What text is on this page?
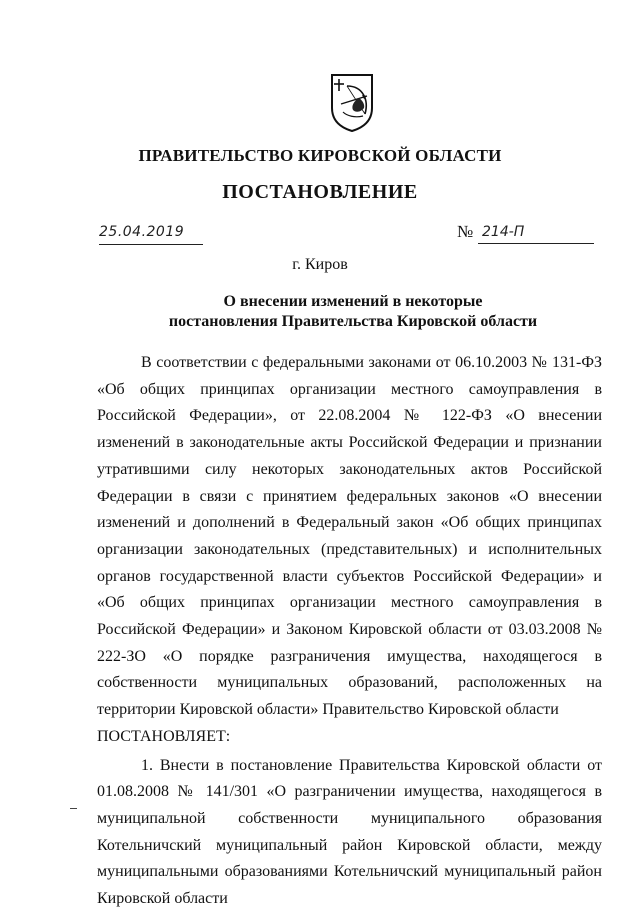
ПРАВИТЕЛЬСТВО КИРОВСКОЙ ОБЛАСТИ
ПОСТАНОВЛЕНИЕ
25.04.2019	№ 214-П
г. Киров
О внесении изменений в некоторые
постановления Правительства Кировской области

В соответствии с федеральными законами от 06.10.2003 № 131-ФЗ «Об общих принципах организации местного самоуправления в Российской Федерации», от 22.08.2004 № 122-ФЗ «О внесении изменений в законодательные акты Российской Федерации и признании утратившими силу некоторых законодательных актов Российской Федерации в связи с принятием федеральных законов «О внесении изменений и дополнений в Федеральный закон «Об общих принципах организации законодательных (представительных) и исполнительных органов государственной власти субъектов Российской Федерации» и «Об общих принципах организации местного самоуправления в Российской Федерации» и Законом Кировской области от 03.03.2008 № 222-ЗО «О порядке разграничения имущества, находящегося в собственности муниципальных образований, расположенных на территории Кировской области» Правительство Кировской области

ПОСТАНОВЛЯЕТ:

1. Внести в постановление Правительства Кировской области от 01.08.2008 № 141/301 «О разграничении имущества, находящегося в муниципальной собственности муниципального образования Котельничский муниципальный район Кировской области, между муниципальными образованиями Котельничский муниципальный район Кировской области
